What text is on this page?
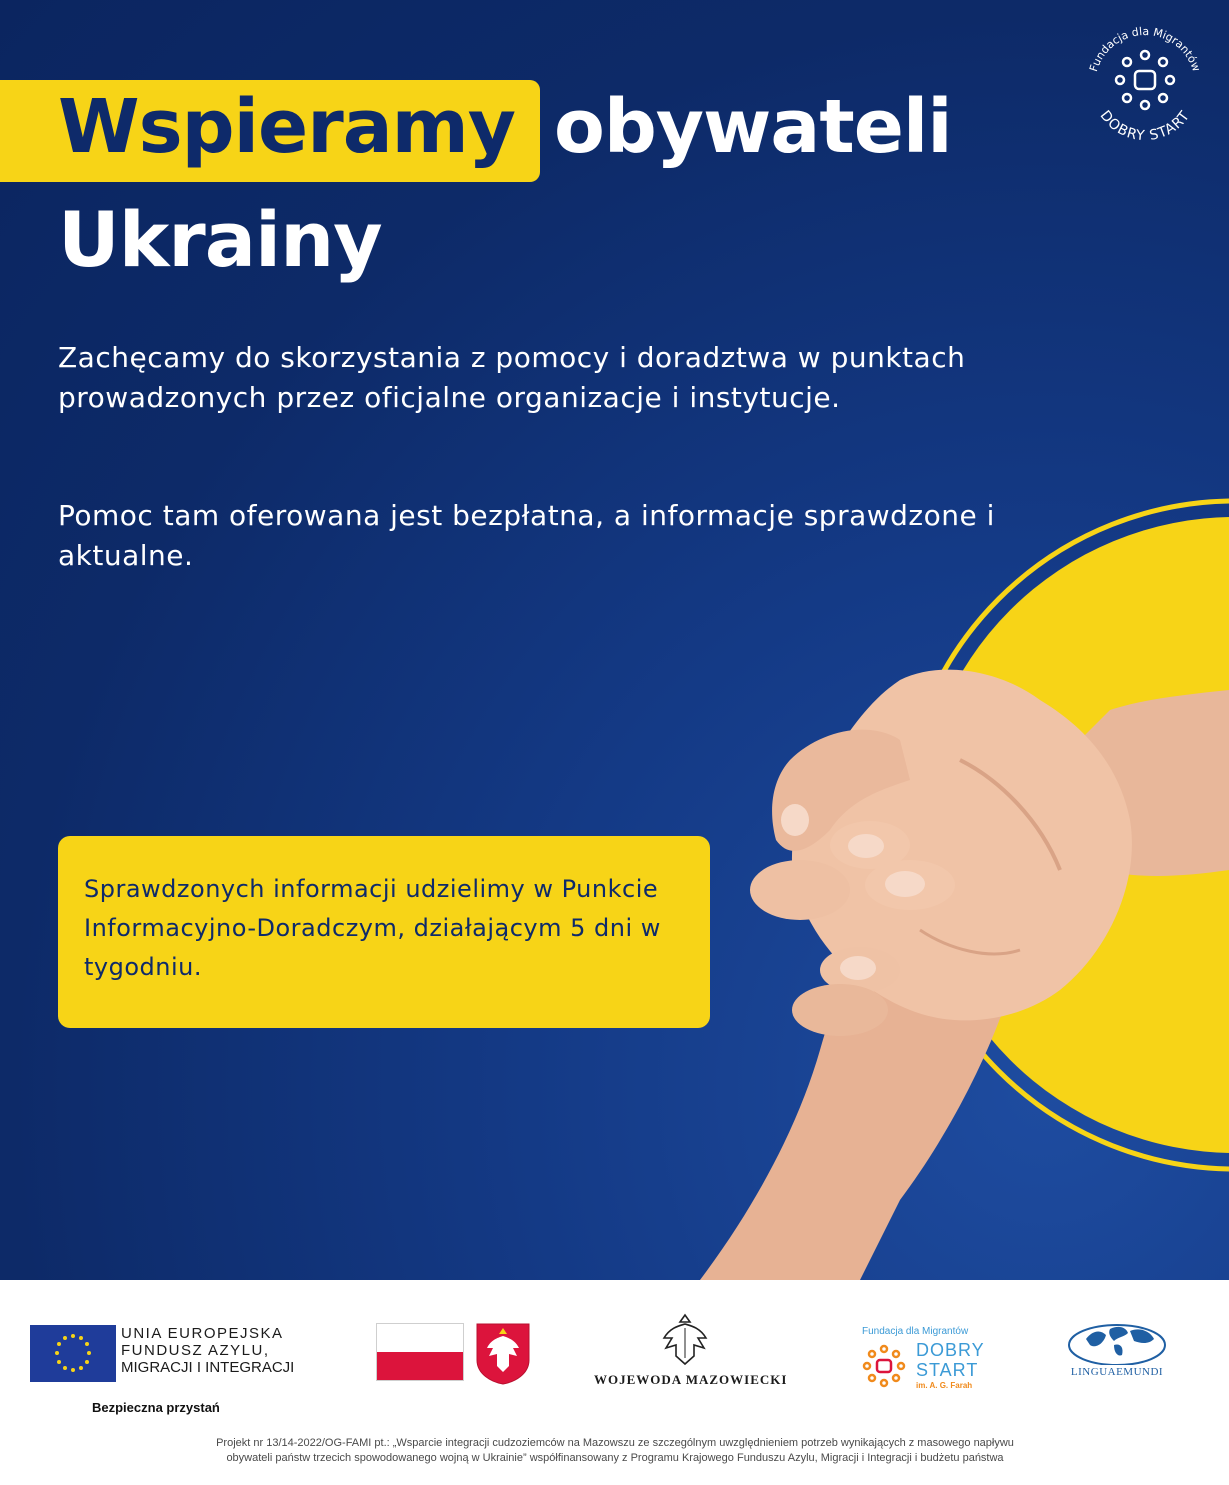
Wspieramy obywateli
Ukrainy

Zachęcamy do skorzystania z pomocy i doradztwa w punktach prowadzonych przez oficjalne organizacje i instytucje.

Pomoc tam oferowana jest bezpłatna, a informacje sprawdzone i aktualne.

Sprawdzonych informacji udzielimy w Punkcie Informacyjno-Doradczym, działającym 5 dni w tygodniu.

Fundacja dla Migrantów
DOBRY START
UNIA EUROPEJSKA
FUNDUSZ AZYLU,
MIGRACJI I INTEGRACJI
Bezpieczna przystań
WOJEWODA MAZOWIECKI
Fundacja dla Migrantów
DOBRY
START
im. A. G. Farah
LINGUAEMUNDI
Projekt nr 13/14-2022/OG-FAMI pt.: „Wsparcie integracji cudzoziemców na Mazowszu ze szczególnym uwzględnieniem potrzeb wynikających z masowego napływu
obywateli państw trzecich spowodowanego wojną w Ukrainie” współfinansowany z Programu Krajowego Funduszu Azylu, Migracji i Integracji i budżetu państwa
